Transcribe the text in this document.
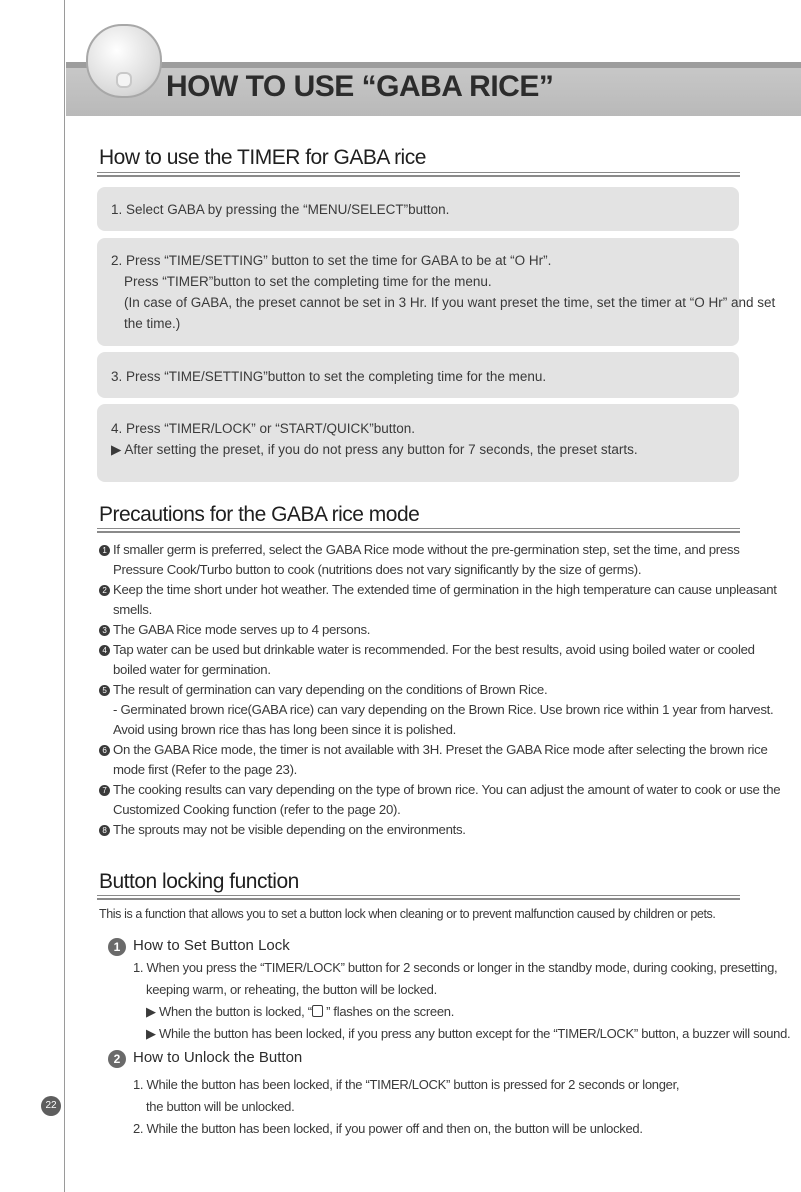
HOW TO USE “GABA RICE”
How to use the TIMER for GABA rice

1. Select GABA by pressing the “MENU/SELECT”button.

2. Press “TIME/SETTING” button to set the time for GABA to be at “O Hr”.

Press “TIMER”button to set the completing time for the menu.

(In case of GABA, the preset cannot be set in 3 Hr. If you want preset the time, set the timer at “O Hr” and set

the time.)

3. Press “TIME/SETTING”button to set the completing time for the menu.

4. Press “TIMER/LOCK” or “START/QUICK”button.

▶ After setting the preset, if you do not press any button for 7 seconds, the preset starts.

Precautions for the GABA rice mode

1 If smaller germ is preferred, select the GABA Rice mode without the pre-germination step, set the time, and press

Pressure Cook/Turbo button to cook (nutritions does not vary significantly by the size of germs).

2 Keep the time short under hot weather. The extended time of germination in the high temperature can cause unpleasant

smells.

3 The GABA Rice mode serves up to 4 persons.

4 Tap water can be used but drinkable water is recommended. For the best results, avoid using boiled water or cooled

boiled water for germination.

5 The result of germination can vary depending on the conditions of Brown Rice.

- Germinated brown rice(GABA rice) can vary depending on the Brown Rice. Use brown rice within 1 year from harvest.

Avoid using brown rice thas has long been since it is polished.

6 On the GABA Rice mode, the timer is not available with 3H. Preset the GABA Rice mode after selecting the brown rice

mode first (Refer to the page 23).

7 The cooking results can vary depending on the type of brown rice. You can adjust the amount of water to cook or use the

Customized Cooking function (refer to the page 20).

8 The sprouts may not be visible depending on the environments.

Button locking function
This is a function that allows you to set a button lock when cleaning or to prevent malfunction caused by children or pets.
1 How to Set Button Lock

1. When you press the “TIMER/LOCK” button for 2 seconds or longer in the standby mode, during cooking, presetting,

keeping warm, or reheating, the button will be locked.

▶ When the button is locked, “ ” flashes on the screen.

▶ While the button has been locked, if you press any button except for the “TIMER/LOCK” button, a buzzer will sound.

2 How to Unlock the Button

1. While the button has been locked, if the “TIMER/LOCK” button is pressed for 2 seconds or longer,

the button will be unlocked.

2. While the button has been locked, if you power off and then on, the button will be unlocked.

22
